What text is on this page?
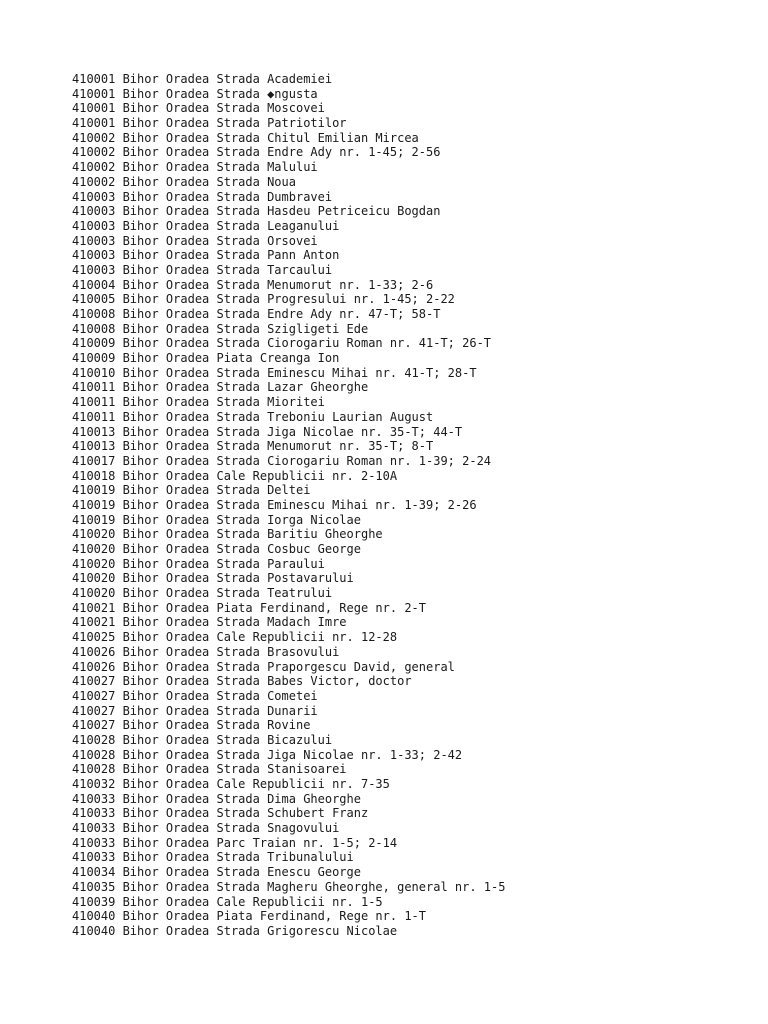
410001 Bihor Oradea Strada Academiei
410001 Bihor Oradea Strada ◆ngusta
410001 Bihor Oradea Strada Moscovei
410001 Bihor Oradea Strada Patriotilor
410002 Bihor Oradea Strada Chitul Emilian Mircea
410002 Bihor Oradea Strada Endre Ady nr. 1-45; 2-56
410002 Bihor Oradea Strada Malului
410002 Bihor Oradea Strada Noua
410003 Bihor Oradea Strada Dumbravei
410003 Bihor Oradea Strada Hasdeu Petriceicu Bogdan
410003 Bihor Oradea Strada Leaganului
410003 Bihor Oradea Strada Orsovei
410003 Bihor Oradea Strada Pann Anton
410003 Bihor Oradea Strada Tarcaului
410004 Bihor Oradea Strada Menumorut nr. 1-33; 2-6
410005 Bihor Oradea Strada Progresului nr. 1-45; 2-22
410008 Bihor Oradea Strada Endre Ady nr. 47-T; 58-T
410008 Bihor Oradea Strada Szigligeti Ede
410009 Bihor Oradea Strada Ciorogariu Roman nr. 41-T; 26-T
410009 Bihor Oradea Piata Creanga Ion
410010 Bihor Oradea Strada Eminescu Mihai nr. 41-T; 28-T
410011 Bihor Oradea Strada Lazar Gheorghe
410011 Bihor Oradea Strada Mioritei
410011 Bihor Oradea Strada Treboniu Laurian August
410013 Bihor Oradea Strada Jiga Nicolae nr. 35-T; 44-T
410013 Bihor Oradea Strada Menumorut nr. 35-T; 8-T
410017 Bihor Oradea Strada Ciorogariu Roman nr. 1-39; 2-24
410018 Bihor Oradea Cale Republicii nr. 2-10A
410019 Bihor Oradea Strada Deltei
410019 Bihor Oradea Strada Eminescu Mihai nr. 1-39; 2-26
410019 Bihor Oradea Strada Iorga Nicolae
410020 Bihor Oradea Strada Baritiu Gheorghe
410020 Bihor Oradea Strada Cosbuc George
410020 Bihor Oradea Strada Paraului
410020 Bihor Oradea Strada Postavarului
410020 Bihor Oradea Strada Teatrului
410021 Bihor Oradea Piata Ferdinand, Rege nr. 2-T
410021 Bihor Oradea Strada Madach Imre
410025 Bihor Oradea Cale Republicii nr. 12-28
410026 Bihor Oradea Strada Brasovului
410026 Bihor Oradea Strada Praporgescu David, general
410027 Bihor Oradea Strada Babes Victor, doctor
410027 Bihor Oradea Strada Cometei
410027 Bihor Oradea Strada Dunarii
410027 Bihor Oradea Strada Rovine
410028 Bihor Oradea Strada Bicazului
410028 Bihor Oradea Strada Jiga Nicolae nr. 1-33; 2-42
410028 Bihor Oradea Strada Stanisoarei
410032 Bihor Oradea Cale Republicii nr. 7-35
410033 Bihor Oradea Strada Dima Gheorghe
410033 Bihor Oradea Strada Schubert Franz
410033 Bihor Oradea Strada Snagovului
410033 Bihor Oradea Parc Traian nr. 1-5; 2-14
410033 Bihor Oradea Strada Tribunalului
410034 Bihor Oradea Strada Enescu George
410035 Bihor Oradea Strada Magheru Gheorghe, general nr. 1-5
410039 Bihor Oradea Cale Republicii nr. 1-5
410040 Bihor Oradea Piata Ferdinand, Rege nr. 1-T
410040 Bihor Oradea Strada Grigorescu Nicolae
